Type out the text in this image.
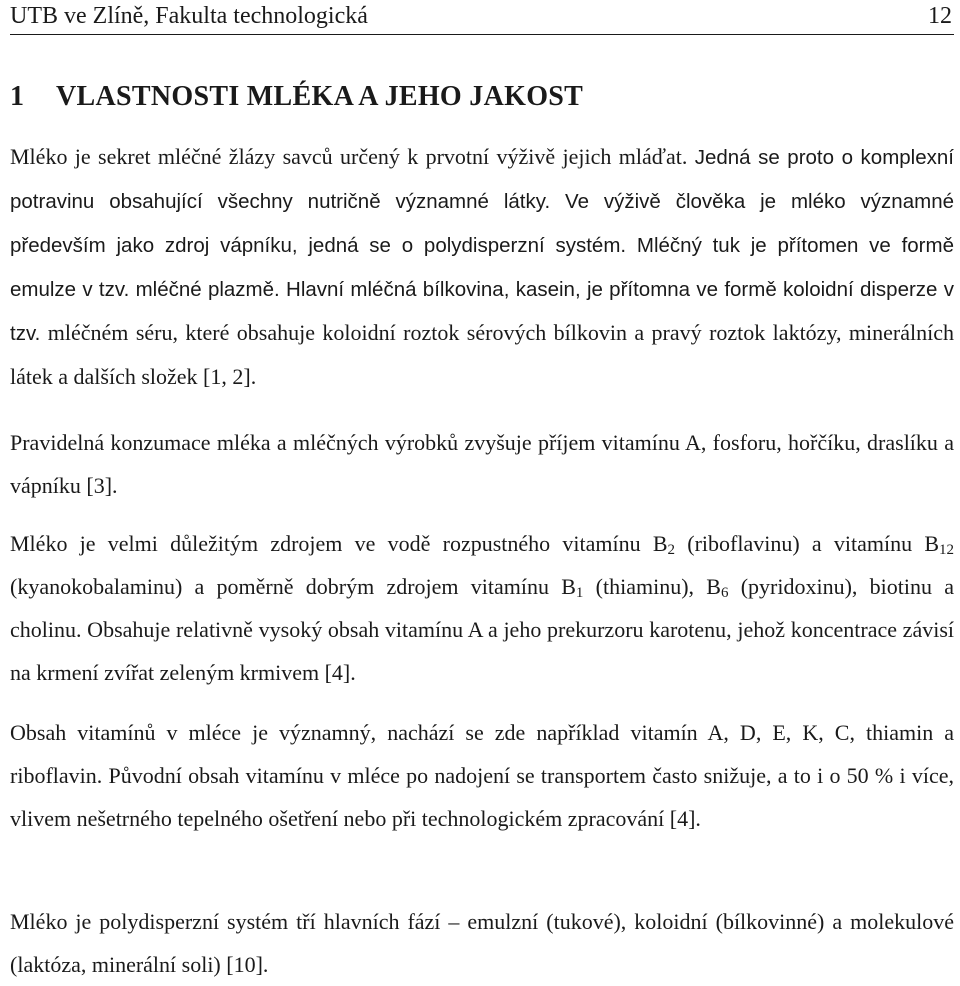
UTB ve Zlíně, Fakulta technologická	12
1 VLASTNOSTI MLÉKA A JEHO JAKOST
Mléko je sekret mléčné žlázy savců určený k prvotní výživě jejich mláďat. Jedná se proto o komplexní potravinu obsahující všechny nutričně významné látky. Ve výživě člověka je mléko významné především jako zdroj vápníku, jedná se o polydisperzní systém. Mléčný tuk je přítomen ve formě emulze v tzv. mléčné plazmě. Hlavní mléčná bílkovina, kasein, je přítomna ve formě koloidní disperze v tzv. mléčném séru, které obsahuje koloidní roztok sérových bílkovin a pravý roztok laktózy, minerálních látek a dalších složek [1, 2].
Pravidelná konzumace mléka a mléčných výrobků zvyšuje příjem vitamínu A, fosforu, hořčíku, draslíku a vápníku [3].
Mléko je velmi důležitým zdrojem ve vodě rozpustného vitamínu $B_2$ (riboflavinu) a vitamínu $B_{12}$ (kyanokobalaminu) a poměrně dobrým zdrojem vitamínu $B_1$ (thiaminu), $B_6$ (pyridoxinu), biotinu a cholinu. Obsahuje relativně vysoký obsah vitamínu A a jeho prekurzoru karotenu, jehož koncentrace závisí na krmení zvířat zeleným krmivem [4].
Obsah vitamínů v mléce je významný, nachází se zde například vitamín A, D, E, K, C, thiamin a riboflavin. Původní obsah vitamínu v mléce po nadojení se transportem často snižuje, a to i o 50 % i více, vlivem nešetrného tepelného ošetření nebo při technologickém zpracování [4].
Mléko je polydisperzní systém tří hlavních fází – emulzní (tukové), koloidní (bílkovinné) a molekulové (laktóza, minerální soli) [10].
